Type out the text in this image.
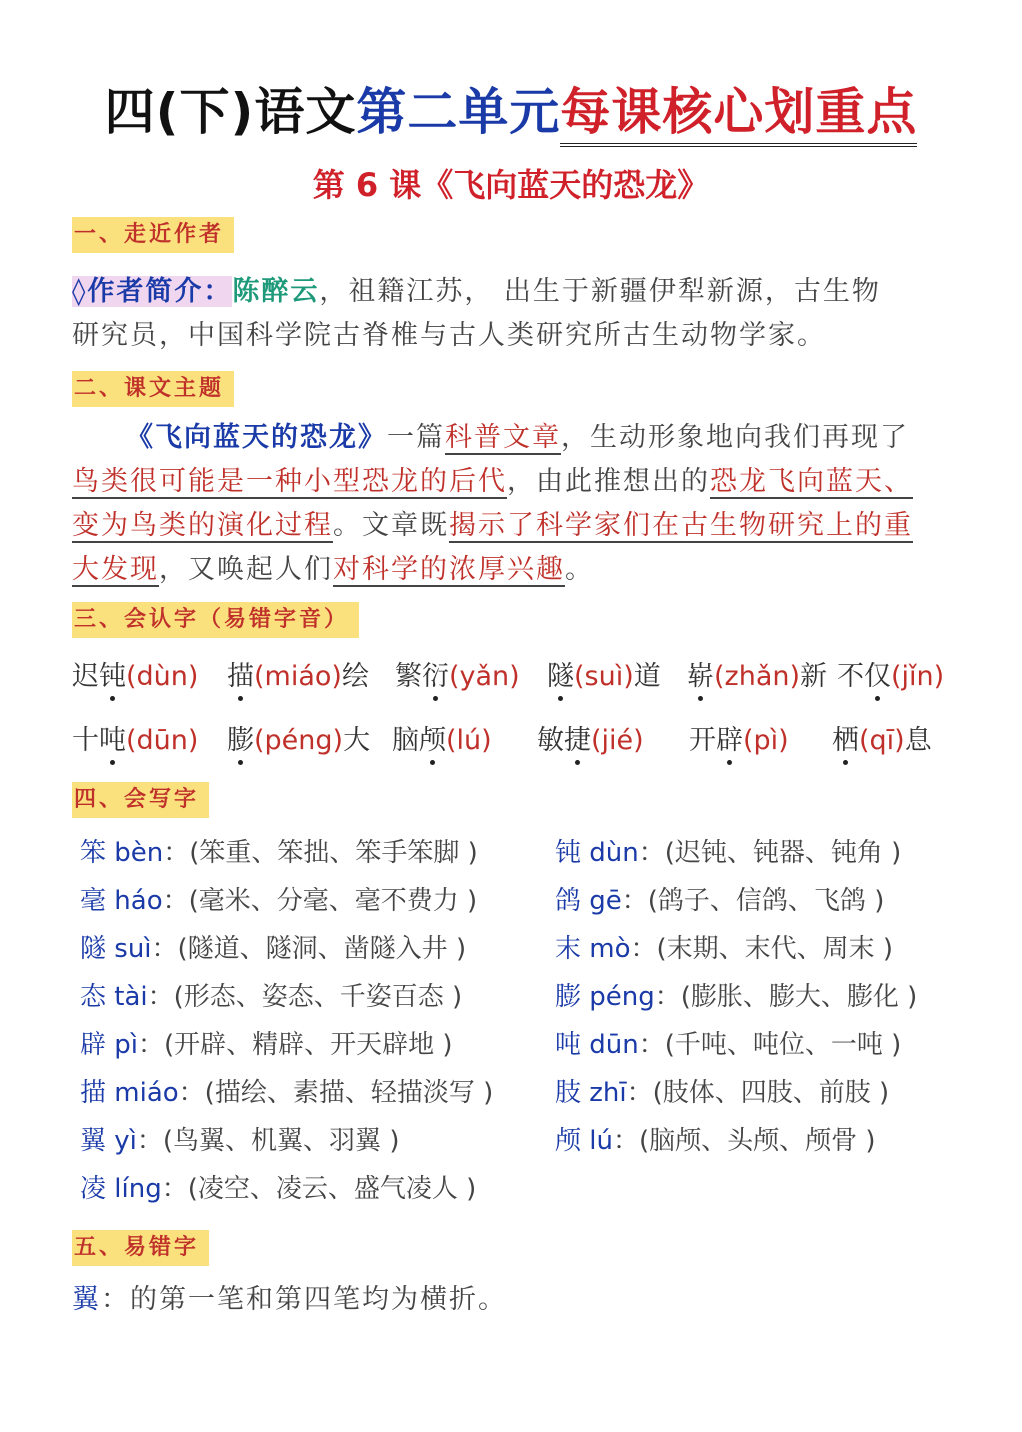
四(下)语文第二单元每课核心划重点
第 6 课《飞向蓝天的恐龙》
一、走近作者
◊作者简介：陈醉云，祖籍江苏， 出生于新疆伊犁新源，古生物
研究员，中国科学院古脊椎与古人类研究所古生动物学家。
二、课文主题
《飞向蓝天的恐龙》一篇科普文章，生动形象地向我们再现了
鸟类很可能是一种小型恐龙的后代，由此推想出的恐龙飞向蓝天、
变为鸟类的演化过程。文章既揭示了科学家们在古生物研究上的重
大发现，又唤起人们对科学的浓厚兴趣。
三、会认字（易错字音）
迟钝(dùn) 描(miáo)绘 繁衍(yǎn) 隧(suì)道 崭(zhǎn)新 不仅(jǐn)
十吨(dūn) 膨(péng)大 脑颅(lú) 敏捷(jié) 开辟(pì) 栖(qī)息
四、会写字
笨 bèn：(笨重、笨拙、笨手笨脚 )
毫 háo：(毫米、分毫、毫不费力 )
隧 suì：(隧道、隧洞、凿隧入井 )
态 tài：(形态、姿态、千姿百态 )
辟 pì：(开辟、精辟、开天辟地 )
描 miáo：(描绘、素描、轻描淡写 )
翼 yì：(鸟翼、机翼、羽翼 )
凌 líng：(凌空、凌云、盛气凌人 )
钝 dùn：(迟钝、钝器、钝角 )
鸽 gē：(鸽子、信鸽、飞鸽 )
末 mò：(末期、末代、周末 )
膨 péng：(膨胀、膨大、膨化 )
吨 dūn：(千吨、吨位、一吨 )
肢 zhī：(肢体、四肢、前肢 )
颅 lú：(脑颅、头颅、颅骨 )
五、易错字
翼：的第一笔和第四笔均为横折。
